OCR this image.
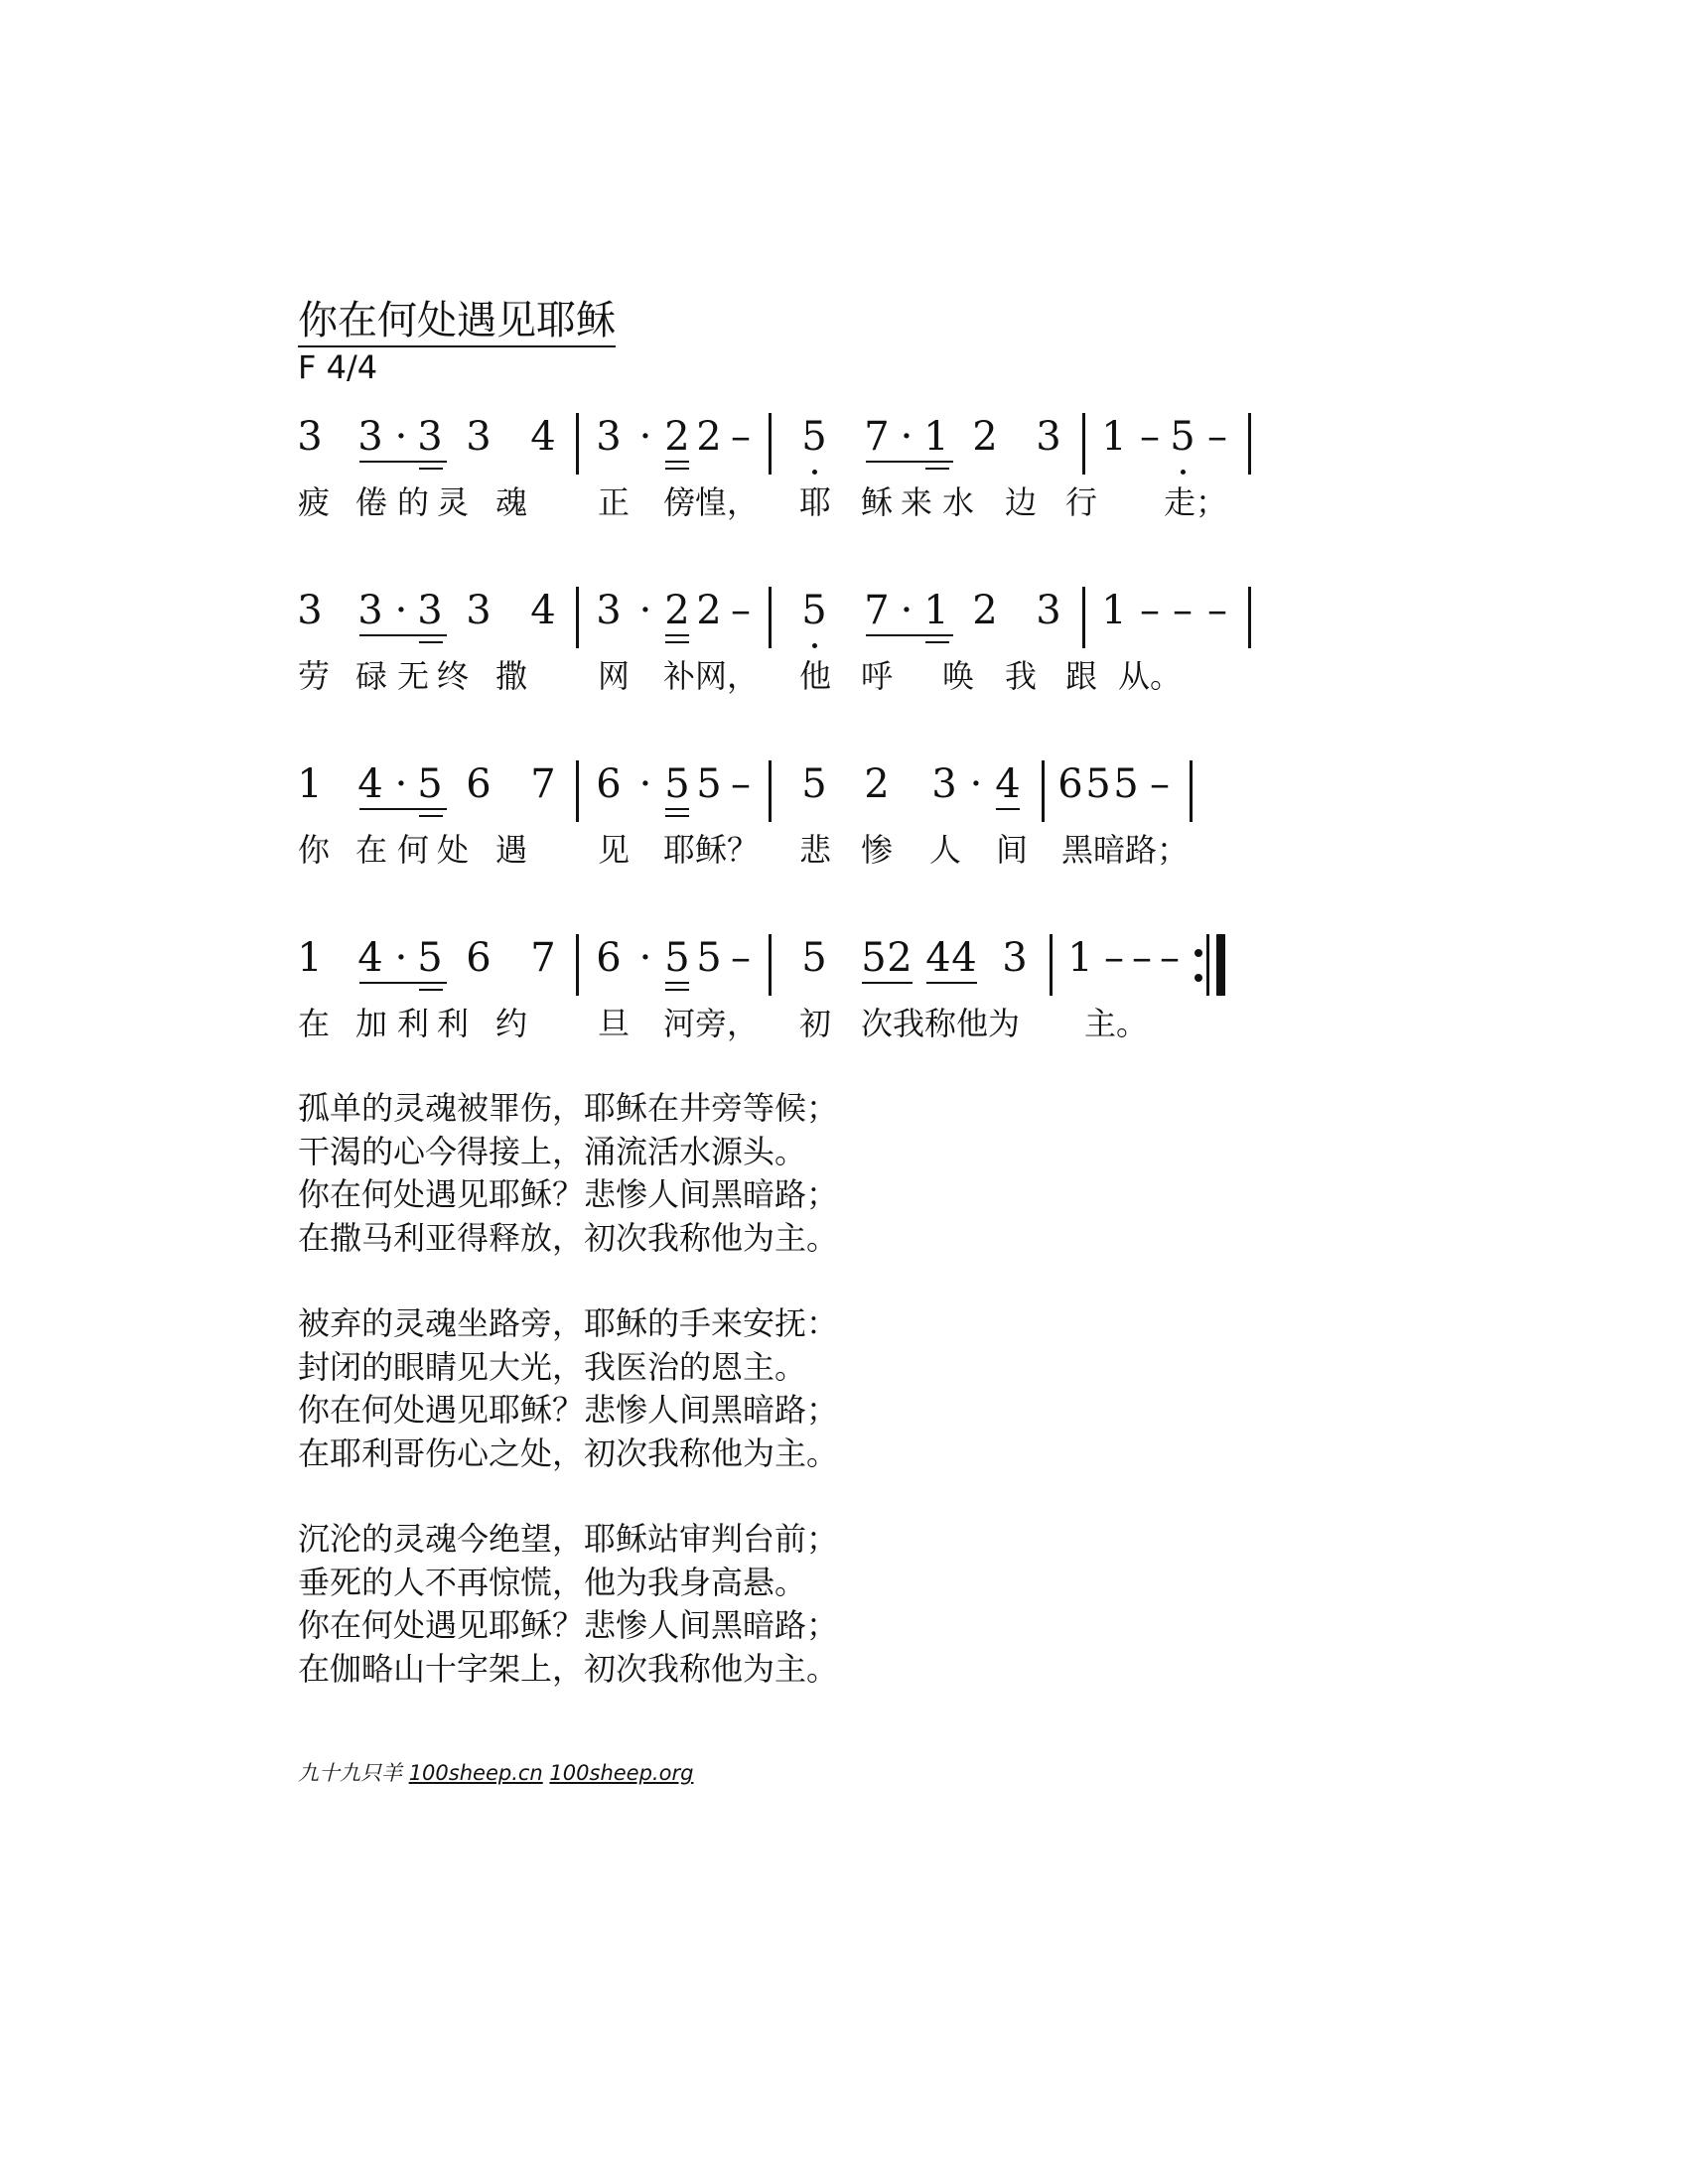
你在何处遇见耶稣
F 4/4
3 3 · 3 3 4 3 · 2 2 – 5 7 · 1 2 3 1 – 5 –
疲 倦 的 灵 魂 正 傍惶， 耶 稣 来 水 边 行 走；
3 3 · 3 3 4 3 · 2 2 – 5 7 · 1 2 3 1 – – –
劳 碌 无 终 撒 网 补网， 他 呼 唤 我 跟 从。
1 4 · 5 6 7 6 · 5 5 – 5 2 3 · 4 6 5 5 –
你 在 何 处 遇 见 耶稣？ 悲 惨 人 间 黑暗路；
1 4 · 5 6 7 6 · 5 5 – 5 5 2 4 4 3 1 – – –
在 加 利 利 约 旦 河旁， 初 次我称他为 主。
孤单的灵魂被罪伤，耶稣在井旁等候；
干渴的心今得接上，涌流活水源头。
你在何处遇见耶稣？悲惨人间黑暗路；
在撒马利亚得释放，初次我称他为主。
被弃的灵魂坐路旁，耶稣的手来安抚：
封闭的眼睛见大光，我医治的恩主。
你在何处遇见耶稣？悲惨人间黑暗路；
在耶利哥伤心之处，初次我称他为主。
沉沦的灵魂今绝望，耶稣站审判台前；
垂死的人不再惊慌，他为我身高悬。
你在何处遇见耶稣？悲惨人间黑暗路；
在伽略山十字架上，初次我称他为主。
九十九只羊 100sheep.cn 100sheep.org
